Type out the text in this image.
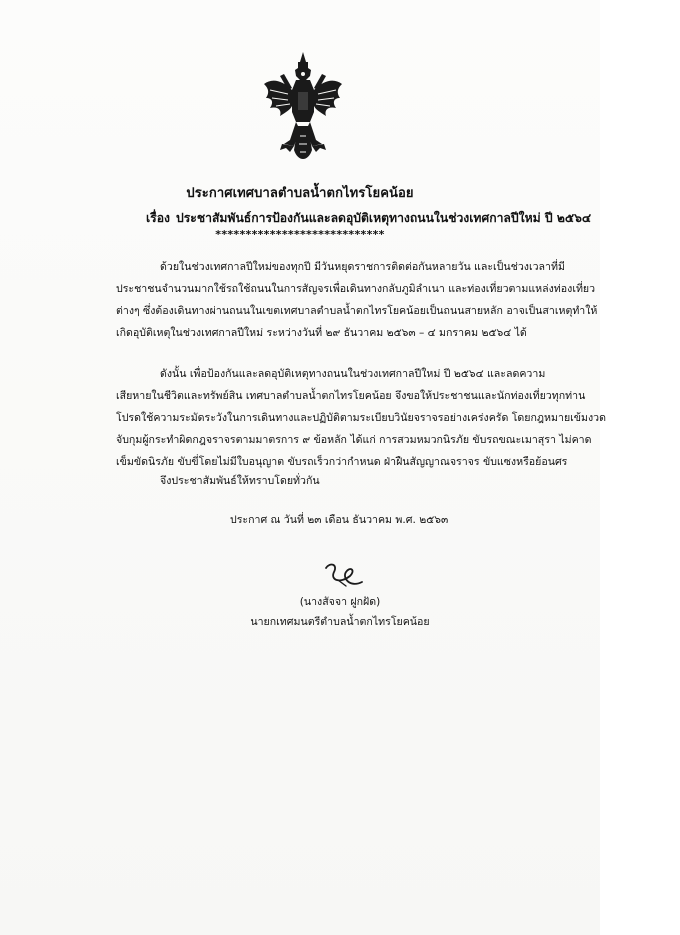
ประกาศเทศบาลตำบลน้ำตกไทรโยคน้อย
เรื่อง ประชาสัมพันธ์การป้องกันและลดอุบัติเหตุทางถนนในช่วงเทศกาลปีใหม่ ปี ๒๕๖๔
****************************
ด้วยในช่วงเทศกาลปีใหม่ของทุกปี มีวันหยุดราชการติดต่อกันหลายวัน และเป็นช่วงเวลาที่มี
ประชาชนจำนวนมากใช้รถใช้ถนนในการสัญจรเพื่อเดินทางกลับภูมิลำเนา และท่องเที่ยวตามแหล่งท่องเที่ยว
ต่างๆ ซึ่งต้องเดินทางผ่านถนนในเขตเทศบาลตำบลน้ำตกไทรโยคน้อยเป็นถนนสายหลัก อาจเป็นสาเหตุทำให้
เกิดอุบัติเหตุในช่วงเทศกาลปีใหม่ ระหว่างวันที่ ๒๙ ธันวาคม ๒๕๖๓ – ๔ มกราคม ๒๕๖๔ ได้
ดังนั้น เพื่อป้องกันและลดอุบัติเหตุทางถนนในช่วงเทศกาลปีใหม่ ปี ๒๕๖๔ และลดความ
เสียหายในชีวิตและทรัพย์สิน เทศบาลตำบลน้ำตกไทรโยคน้อย จึงขอให้ประชาชนและนักท่องเที่ยวทุกท่าน
โปรดใช้ความระมัดระวังในการเดินทางและปฏิบัติตามระเบียบวินัยจราจรอย่างเคร่งครัด โดยกฎหมายเข้มงวด
จับกุมผู้กระทำผิดกฎจราจรตามมาตรการ ๙ ข้อหลัก ได้แก่ การสวมหมวกนิรภัย ขับรถขณะเมาสุรา ไม่คาด
เข็มขัดนิรภัย ขับขี่โดยไม่มีใบอนุญาต ขับรถเร็วกว่ากำหนด ฝ่าฝืนสัญญาณจราจร ขับแซงหรือย้อนศร
จึงประชาสัมพันธ์ให้ทราบโดยทั่วกัน
ประกาศ ณ วันที่ ๒๓ เดือน ธันวาคม พ.ศ. ๒๕๖๓
(นางสัจจา ฝูกฝัด)
นายกเทศมนตรีตำบลน้ำตกไทรโยคน้อย
